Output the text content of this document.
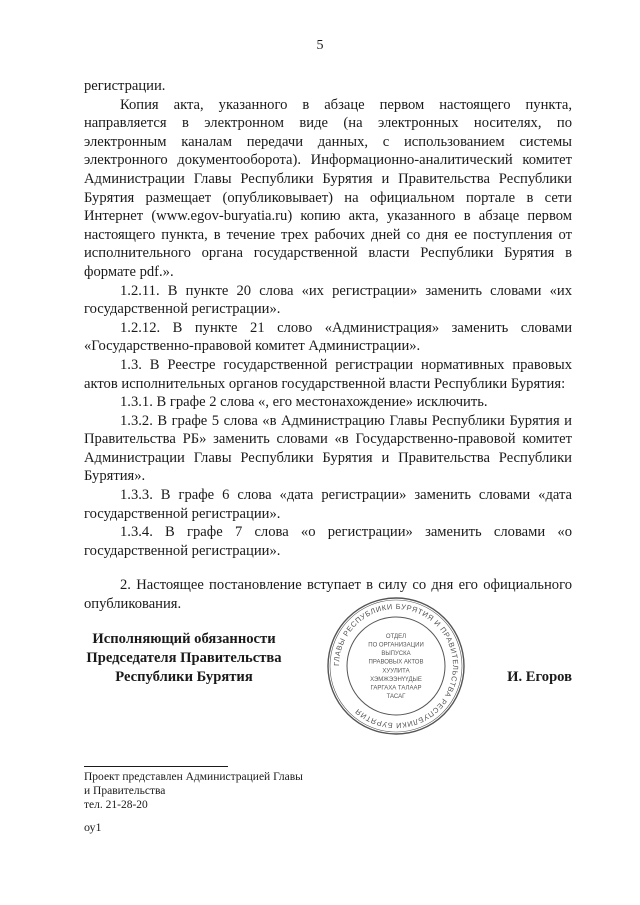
5

регистрации.

Копия акта, указанного в абзаце первом настоящего пункта, направляется в электронном виде (на электронных носителях, по электронным каналам передачи данных, с использованием системы электронного документооборота). Информационно-аналитический комитет Администрации Главы Республики Бурятия и Правительства Республики Бурятия размещает (опубликовывает) на официальном портале в сети Интернет (www.egov-buryatia.ru) копию акта, указанного в абзаце первом настоящего пункта, в течение трех рабочих дней со дня ее поступления от исполнительного органа государственной власти Республики Бурятия в формате pdf.».

1.2.11. В пункте 20 слова «их регистрации» заменить словами «их государственной регистрации».

1.2.12. В пункте 21 слово «Администрация» заменить словами «Государственно-правовой комитет Администрации».

1.3. В Реестре государственной регистрации нормативных правовых актов исполнительных органов государственной власти Республики Бурятия:

1.3.1. В графе 2 слова «, его местонахождение» исключить.

1.3.2. В графе 5 слова «в Администрацию Главы Республики Бурятия и Правительства РБ» заменить словами «в Государственно-правовой комитет Администрации Главы Республики Бурятия и Правительства Республики Бурятия».

1.3.3. В графе 6 слова «дата регистрации» заменить словами «дата государственной регистрации».

1.3.4. В графе 7 слова «о регистрации» заменить словами «о государственной регистрации».

2. Настоящее постановление вступает в силу со дня его официального опубликования.

Исполняющий обязанности
Председателя Правительства
Республики Бурятия
ГЛАВЫ РЕСПУБЛИКИ БУРЯТИЯ И ПРАВИТЕЛЬСТВА РЕСПУБЛИКИ БУРЯТИЯ
ОТДЕЛ
ПО ОРГАНИЗАЦИИ
ВЫПУСКА
ПРАВОВЫХ АКТОВ
ХУУЛИТА
ХЭМЖЭЭНҮҮДЫЕ
ГАРГАХА ТАЛААР
ТАСАГ
И. Егоров
Проект представлен Администрацией Главы
и Правительства
тел. 21-28-20
оу1
